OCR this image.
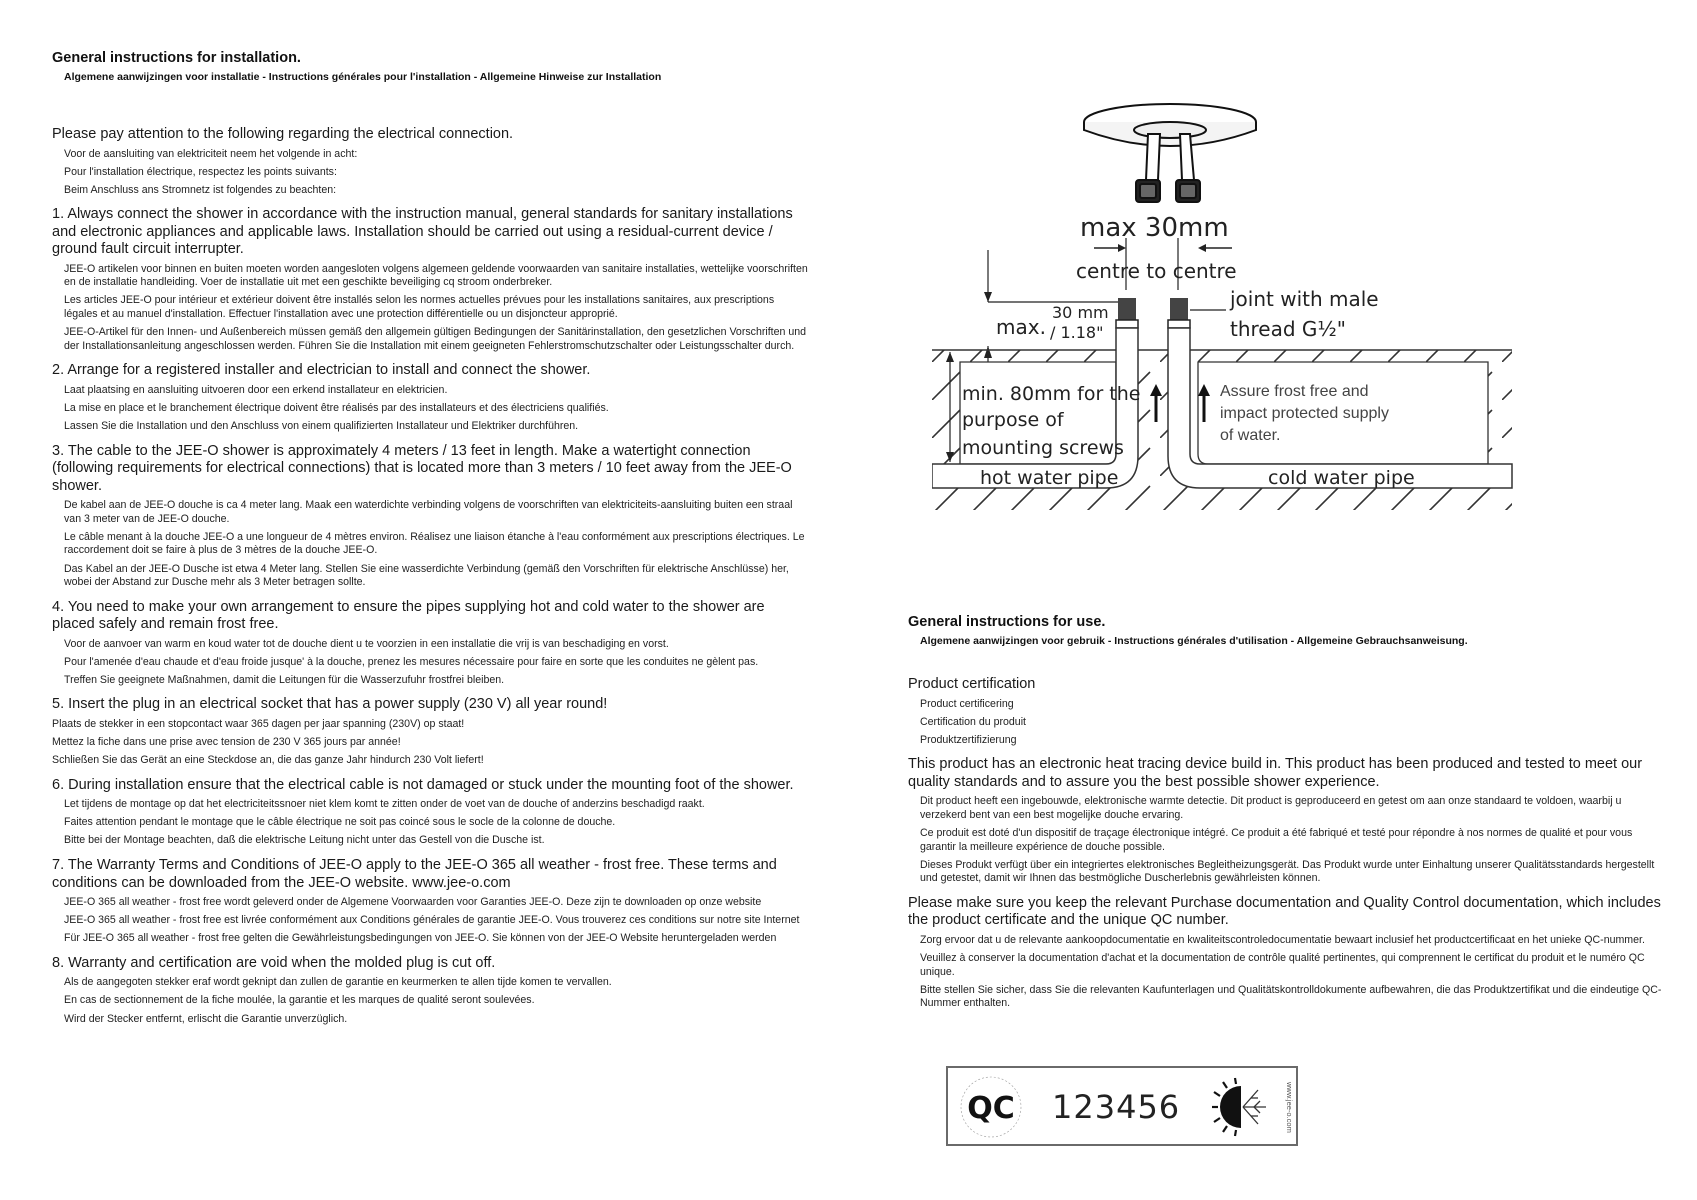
General instructions for installation.
Algemene aanwijzingen voor installatie - Instructions générales pour l'installation - Allgemeine Hinweise zur Installation
Please pay attention to the following regarding the electrical connection.
Voor de aansluiting van elektriciteit neem het volgende in acht:
Pour l'installation électrique, respectez les points suivants:
Beim Anschluss ans Stromnetz ist folgendes zu beachten:
1. Always connect the shower in accordance with the instruction manual, general standards for sanitary installations and electronic appliances and applicable laws. Installation should be carried out using a residual-current device / ground fault circuit interrupter.
JEE-O artikelen voor binnen en buiten moeten worden aangesloten volgens algemeen geldende voorwaarden van sanitaire installaties, wettelijke voorschriften en de installatie handleiding. Voer de installatie uit met een geschikte beveiliging cq stroom onderbreker.
Les articles JEE-O pour intérieur et extérieur doivent être installés selon les normes actuelles prévues pour les installations sanitaires, aux prescriptions légales et au manuel d'installation. Effectuer l'installation avec une protection différentielle ou un disjoncteur approprié.
JEE-O-Artikel für den Innen- und Außenbereich müssen gemäß den allgemein gültigen Bedingungen der Sanitärinstallation, den gesetzlichen Vorschriften und der Installationsanleitung angeschlossen werden. Führen Sie die Installation mit einem geeigneten Fehlerstromschutzschalter oder Leistungsschalter durch.
2. Arrange for a registered installer and electrician to install and connect the shower.
Laat plaatsing en aansluiting uitvoeren door een erkend installateur en elektricien.
La mise en place et le branchement électrique doivent être réalisés par des installateurs et des électriciens qualifiés.
Lassen Sie die Installation und den Anschluss von einem qualifizierten Installateur und Elektriker durchführen.
3. The cable to the JEE-O shower is approximately 4 meters / 13 feet in length. Make a watertight connection (following requirements for electrical connections) that is located more than 3 meters / 10 feet away from the JEE-O shower.
De kabel aan de JEE-O douche is ca 4 meter lang. Maak een waterdichte verbinding volgens de voorschriften van elektriciteits-aansluiting buiten een straal van 3 meter van de JEE-O douche.
Le câble menant à la douche JEE-O a une longueur de 4 mètres environ. Réalisez une liaison étanche à l'eau conformément aux prescriptions électriques. Le raccordement doit se faire à plus de 3 mètres de la douche JEE-O.
Das Kabel an der JEE-O Dusche ist etwa 4 Meter lang. Stellen Sie eine wasserdichte Verbindung (gemäß den Vorschriften für elektrische Anschlüsse) her, wobei der Abstand zur Dusche mehr als 3 Meter betragen sollte.
4. You need to make your own arrangement to ensure the pipes supplying hot and cold water to the shower are placed safely and remain frost free.
Voor de aanvoer van warm en koud water tot de douche dient u te voorzien in een installatie die vrij is van beschadiging en vorst.
Pour l'amenée d'eau chaude et d'eau froide jusque' à la douche, prenez les mesures nécessaire pour faire en sorte que les conduites ne gèlent pas.
Treffen Sie geeignete Maßnahmen, damit die Leitungen für die Wasserzufuhr frostfrei bleiben.
5. Insert the plug in an electrical socket that has a power supply (230 V) all year round!
Plaats de stekker in een stopcontact waar 365 dagen per jaar spanning (230V) op staat!
Mettez la fiche dans une prise avec tension de 230 V 365 jours par année!
Schließen Sie das Gerät an eine Steckdose an, die das ganze Jahr hindurch 230 Volt liefert!
6. During installation ensure that the electrical cable is not damaged or stuck under the mounting foot of the shower.
Let tijdens de montage op dat het electriciteitssnoer niet klem komt te zitten onder de voet van de douche of anderzins beschadigd raakt.
Faites attention pendant le montage que le câble électrique ne soit pas coincé sous le socle de la colonne de douche.
Bitte bei der Montage beachten, daß die elektrische Leitung nicht unter das Gestell von die Dusche ist.
7. The Warranty Terms and Conditions of JEE-O apply to the JEE-O 365 all weather - frost free. These terms and conditions can be downloaded from the JEE-O website. www.jee-o.com
JEE-O 365 all weather - frost free wordt geleverd onder de Algemene Voorwaarden voor Garanties JEE-O. Deze zijn te downloaden op onze website
JEE-O 365 all weather - frost free est livrée conformément aux Conditions générales de garantie JEE-O. Vous trouverez ces conditions sur notre site Internet
Für JEE-O 365 all weather - frost free gelten die Gewährleistungsbedingungen von JEE-O. Sie können von der JEE-O Website heruntergeladen werden
8. Warranty and certification are void when the molded plug is cut off.
Als de aangegoten stekker eraf wordt geknipt dan zullen de garantie en keurmerken te allen tijde komen te vervallen.
En cas de sectionnement de la fiche moulée, la garantie et les marques de qualité seront soulevées.
Wird der Stecker entfernt, erlischt die Garantie unverzüglich.
max 30mm
centre to centre
max.
30 mm
/ 1.18"
joint with male
thread G½"
min. 80mm for the
purpose of
mounting screws
Assure frost free and
impact protected supply
of water.
hot water pipe	cold water pipe
General instructions for use.
Algemene aanwijzingen voor gebruik - Instructions générales d'utilisation - Allgemeine Gebrauchsanweisung.
Product certification
Product certificering
Certification du produit
Produktzertifizierung
This product has an electronic heat tracing device build in. This product has been produced and tested to meet our quality standards and to assure you the best possible shower experience.
Dit product heeft een ingebouwde, elektronische warmte detectie. Dit product is geproduceerd en getest om aan onze standaard te voldoen, waarbij u verzekerd bent van een best mogelijke douche ervaring.
Ce produit est doté d'un dispositif de traçage électronique intégré. Ce produit a été fabriqué et testé pour répondre à nos normes de qualité et pour vous garantir la meilleure expérience de douche possible.
Dieses Produkt verfügt über ein integriertes elektronisches Begleitheizungsgerät. Das Produkt wurde unter Einhaltung unserer Qualitätsstandards hergestellt und getestet, damit wir Ihnen das bestmögliche Duscherlebnis gewährleisten können.
Please make sure you keep the relevant Purchase documentation and Quality Control documentation, which includes the product certificate and the unique QC number.
Zorg ervoor dat u de relevante aankoopdocumentatie en kwaliteitscontroledocumentatie bewaart inclusief het productcertificaat en het unieke QC-nummer.
Veuillez à conserver la documentation d'achat et la documentation de contrôle qualité pertinentes, qui comprennent le certificat du produit et le numéro QC unique.
Bitte stellen Sie sicher, dass Sie die relevanten Kaufunterlagen und Qualitätskontrolldokumente aufbewahren, die das Produktzertifikat und die eindeutige QC-Nummer enthalten.
QC 123456	www.jee-o.com
